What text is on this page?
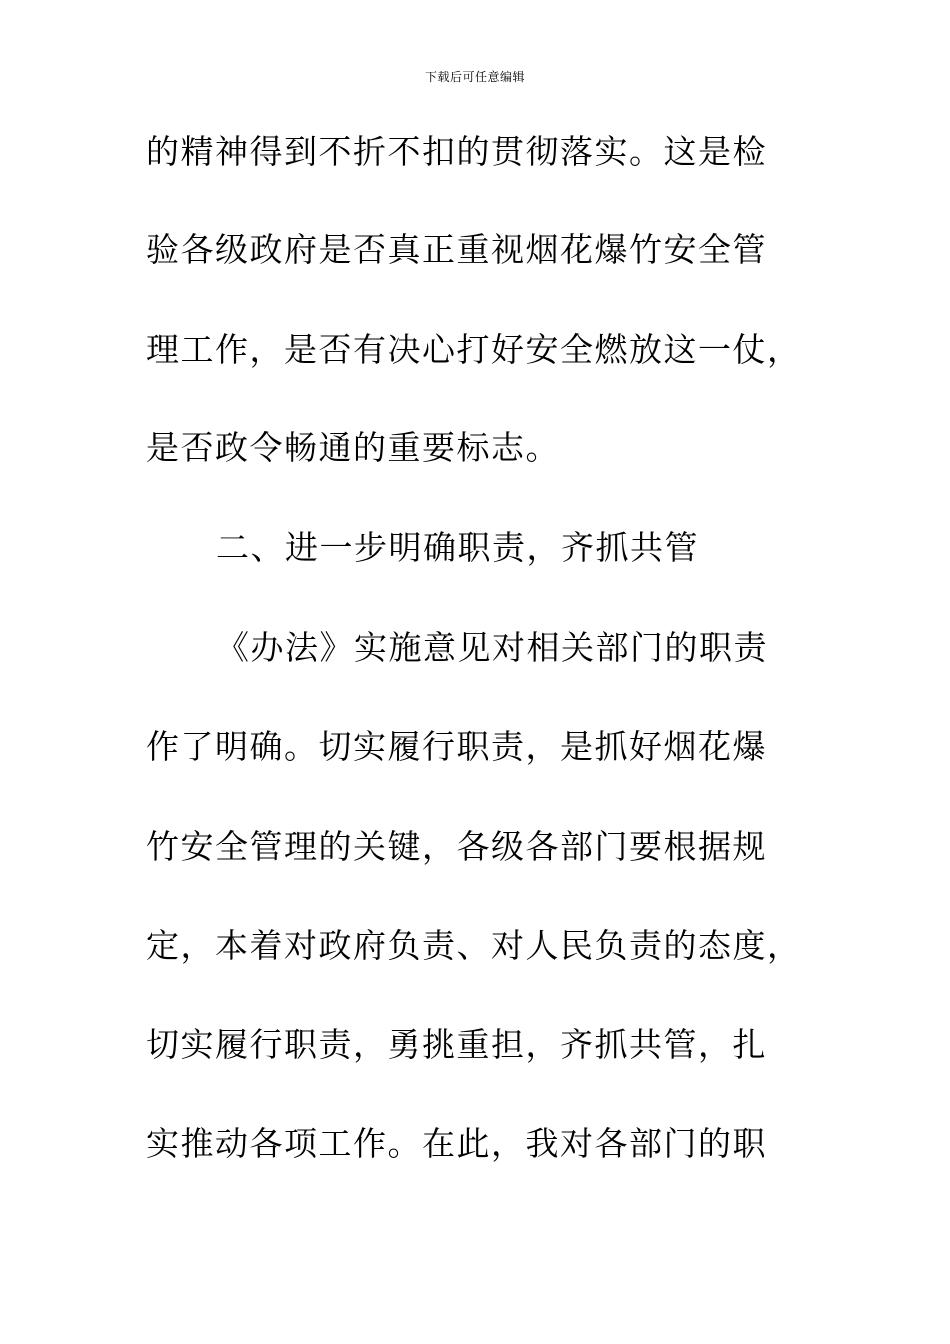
下载后可任意编辑
的精神得到不折不扣的贯彻落实。这是检
验各级政府是否真正重视烟花爆竹安全管
理工作，是否有决心打好安全燃放这一仗，
是否政令畅通的重要标志。
二、进一步明确职责，齐抓共管
《办法》实施意见对相关部门的职责
作了明确。切实履行职责，是抓好烟花爆
竹安全管理的关键，各级各部门要根据规
定，本着对政府负责、对人民负责的态度，
切实履行职责，勇挑重担，齐抓共管，扎
实推动各项工作。在此，我对各部门的职
